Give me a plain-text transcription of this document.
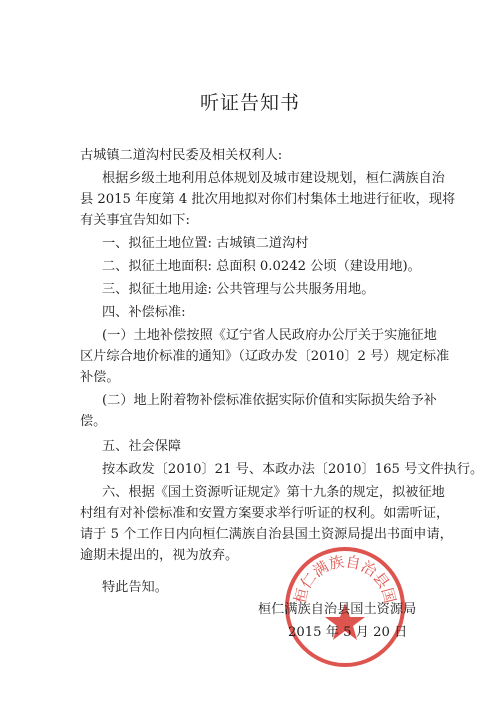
听证告知书
古城镇二道沟村民委及相关权利人:
根据乡级土地利用总体规划及城市建设规划，桓仁满族自治
县 2015 年度第 4 批次用地拟对你们村集体土地进行征收，现将
有关事宜告知如下:
一、拟征土地位置: 古城镇二道沟村
二、拟征土地面积: 总面积 0.0242 公顷（建设用地)。
三、拟征土地用途: 公共管理与公共服务用地。
四、补偿标准:
(一）土地补偿按照《辽宁省人民政府办公厅关于实施征地
区片综合地价标准的通知》（辽政办发〔2010〕2 号）规定标准
补偿。
(二）地上附着物补偿标准依据实际价值和实际损失给予补
偿。
五、社会保障
按本政发〔2010〕21 号、本政办法〔2010〕165 号文件执行。
六、根据《国土资源听证规定》第十九条的规定，拟被征地
村组有对补偿标准和安置方案要求举行听证的权利。如需听证，
请于 5 个工作日内向桓仁满族自治县国土资源局提出书面申请，
逾期未提出的，视为放弃。
特此告知。	桓仁满族自治县国
桓仁满族自治县国土资源局
2015 年 5 月 20 日
